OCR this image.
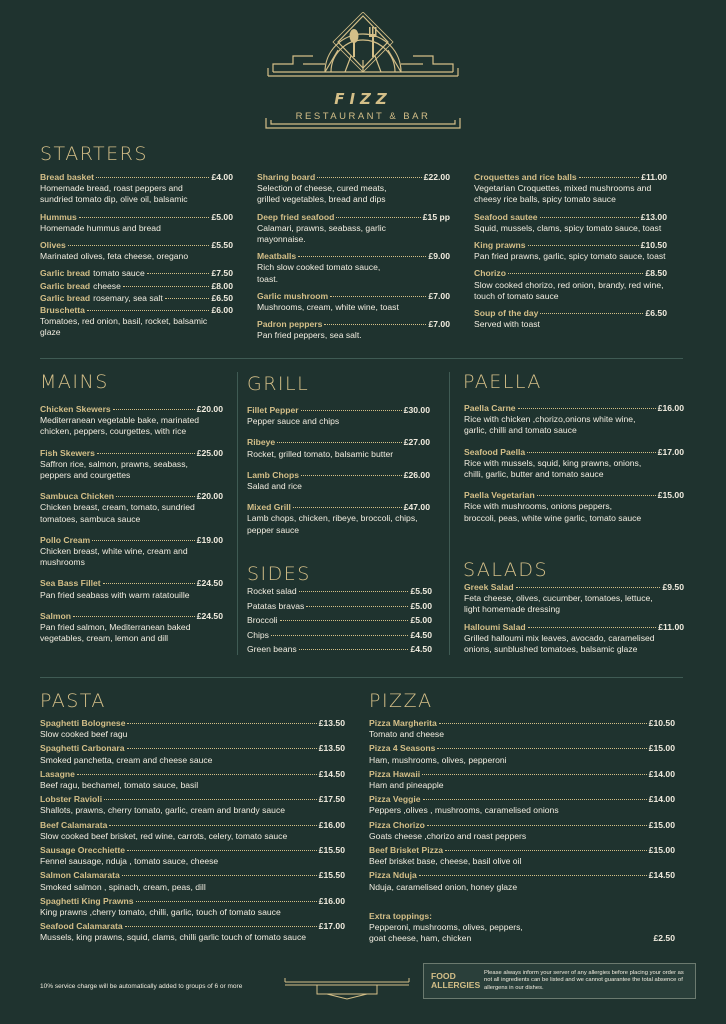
FIZZ
RESTAURANT & BAR
STARTERS
Bread basket	£4.00
Homemade bread, roast peppers and sundried tomato dip, olive oil, balsamic
Hummus	£5.00
Homemade hummus and bread
Olives	£5.50
Marinated olives, feta cheese, oregano
Garlic bread tomato sauce	£7.50
Garlic bread cheese	£8.00
Garlic bread rosemary, sea salt	£6.50
Bruschetta	£6.00
Tomatoes, red onion, basil, rocket, balsamic glaze
Sharing board	£22.00
Selection of cheese, cured meats, grilled vegetables, bread and dips
Deep fried seafood	£15 pp
Calamari, prawns, seabass, garlic mayonnaise.
Meatballs	£9.00
Rich slow cooked tomato sauce, toast.
Garlic mushroom	£7.00
Mushrooms, cream, white wine, toast
Padron peppers	£7.00
Pan fried peppers, sea salt.
Croquettes and rice balls	£11.00
Vegetarian Croquettes, mixed mushrooms and cheesy rice balls, spicy tomato sauce
Seafood sautee	£13.00
Squid, mussels, clams, spicy tomato sauce, toast
King prawns	£10.50
Pan fried prawns, garlic, spicy tomato sauce, toast
Chorizo	£8.50
Slow cooked chorizo, red onion, brandy, red wine, touch of tomato sauce
Soup of the day	£6.50
Served with toast
MAINS
Chicken Skewers	£20.00
Mediterranean vegetable bake, marinated chicken, peppers, courgettes, with rice
Fish Skewers	£25.00
Saffron rice, salmon, prawns, seabass, peppers and courgettes
Sambuca Chicken	£20.00
Chicken breast, cream, tomato, sundried tomatoes, sambuca sauce
Pollo Cream	£19.00
Chicken breast, white wine, cream and mushrooms
Sea Bass Fillet	£24.50
Pan fried seabass with warm ratatouille
Salmon	£24.50
Pan fried salmon, Mediterranean baked vegetables, cream, lemon and dill
GRILL
Fillet Pepper	£30.00
Pepper sauce and chips
Ribeye	£27.00
Rocket, grilled tomato, balsamic butter
Lamb Chops	£26.00
Salad and rice
Mixed Grill	£47.00
Lamb chops, chicken, ribeye, broccoli, chips, pepper sauce
SIDES
Rocket salad	£5.50
Patatas bravas	£5.00
Broccoli	£5.00
Chips	£4.50
Green beans	£4.50
PAELLA
Paella Carne	£16.00
Rice with chicken ,chorizo,onions white wine, garlic, chilli and tomato sauce
Seafood Paella	£17.00
Rice with mussels, squid, king prawns, onions, chilli, garlic, butter and tomato sauce
Paella Vegetarian	£15.00
Rice with mushrooms, onions peppers, broccoli, peas, white wine garlic, tomato sauce
SALADS
Greek Salad	£9.50
Feta cheese, olives, cucumber, tomatoes, lettuce, light homemade dressing
Halloumi Salad	£11.00
Grilled halloumi mix leaves, avocado, caramelised onions, sunblushed tomatoes, balsamic glaze
PASTA
Spaghetti Bolognese	£13.50
Slow cooked beef ragu
Spaghetti Carbonara	£13.50
Smoked panchetta, cream and cheese sauce
Lasagne	£14.50
Beef ragu, bechamel, tomato sauce, basil
Lobster Ravioli	£17.50
Shallots, prawns, cherry tomato, garlic, cream and brandy sauce
Beef Calamarata	£16.00
Slow cooked beef brisket, red wine, carrots, celery, tomato sauce
Sausage Orecchiette	£15.50
Fennel sausage, nduja , tomato sauce, cheese
Salmon Calamarata	£15.50
Smoked salmon , spinach, cream, peas, dill
Spaghetti King Prawns	£16.00
King prawns ,cherry tomato, chilli, garlic, touch of tomato sauce
Seafood Calamarata	£17.00
Mussels, king prawns, squid, clams, chilli garlic touch of tomato sauce
PIZZA
Pizza Margherita	£10.50
Tomato and cheese
Pizza 4 Seasons	£15.00
Ham, mushrooms, olives, pepperoni
Pizza Hawaii	£14.00
Ham and pineapple
Pizza Veggie	£14.00
Peppers ,olives , mushrooms, caramelised onions
Pizza Chorizo	£15.00
Goats cheese ,chorizo and roast peppers
Beef Brisket Pizza	£15.00
Beef brisket base, cheese, basil olive oil
Pizza Nduja	£14.50
Nduja, caramelised onion, honey glaze
Extra toppings:
Pepperoni, mushrooms, olives, peppers,
goat cheese, ham, chicken	£2.50
10% service charge will be automatically added to groups of 6 or more
FOOD ALLERGIES
Please always inform your server of any allergies before placing your order as not all ingredients can be listed and we cannot guarantee the total absence of allergens in our dishes.
